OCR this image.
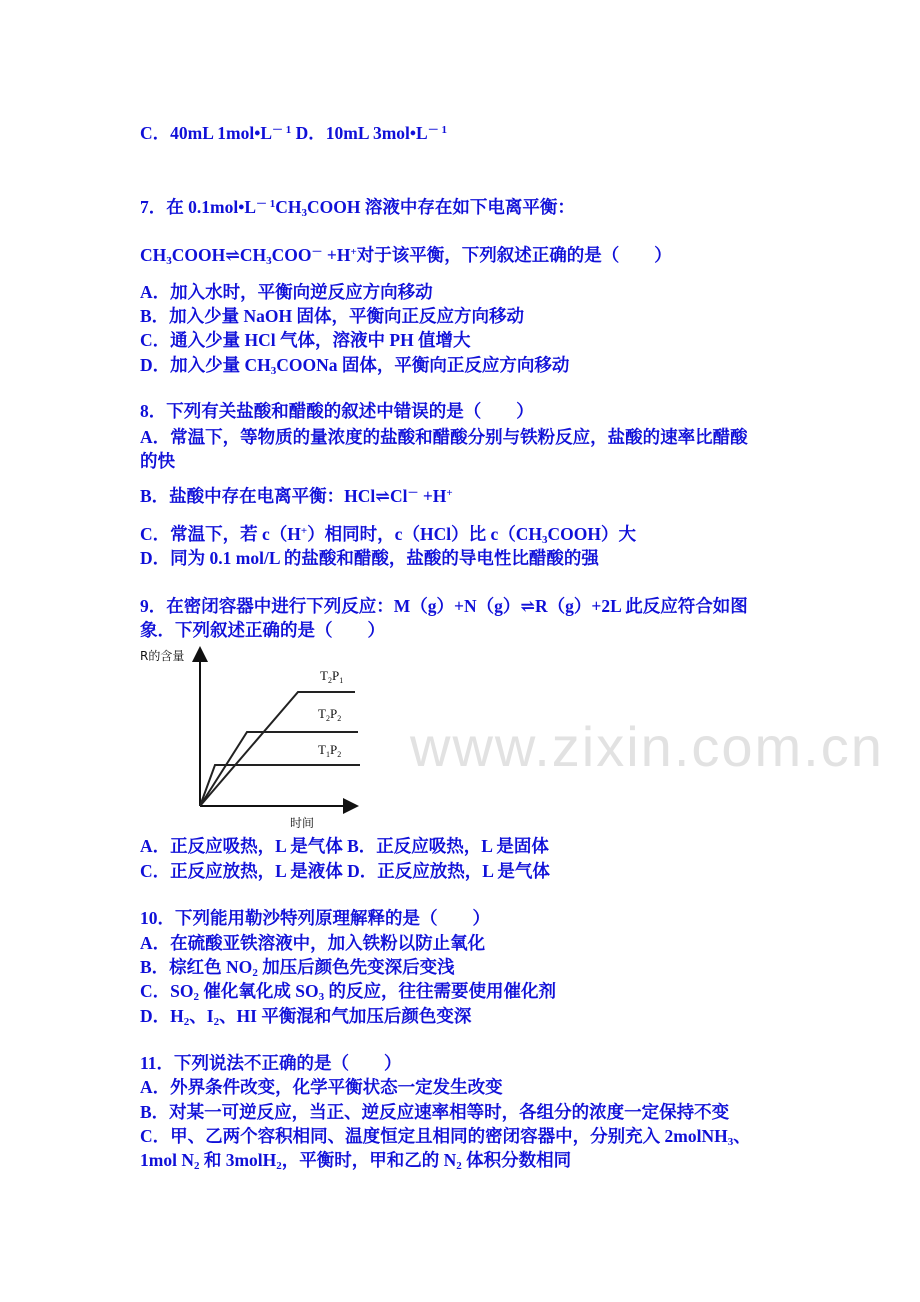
www.zixin.com.cn
C．40mL $1mol•L^{- 1}$ D．10mL $3mol•L^{- 1}$
7．在 $0.1mol•L^{- 1}CH_3COOH$ 溶液中存在如下电离平衡：
$CH_3COOH\rightleftharpoons CH_3COO^- +H^+$对于该平衡，下列叙述正确的是（　　）
A．加入水时，平衡向逆反应方向移动
B．加入少量 NaOH 固体，平衡向正反应方向移动
C．通入少量 HCl 气体，溶液中 PH 值增大
D．加入少量 $CH_3COONa$ 固体，平衡向正反应方向移动
8．下列有关盐酸和醋酸的叙述中错误的是（　　）
A．常温下，等物质的量浓度的盐酸和醋酸分别与铁粉反应，盐酸的速率比醋酸
的快
B．盐酸中存在电离平衡：HCl⇌Cl－ +H+
C．常温下，若 c（H+）相同时，c（HCl）比 $c(CH_3COOH)$大
D．同为 0.1 mol/L 的盐酸和醋酸，盐酸的导电性比醋酸的强
9．在密闭容器中进行下列反应：M（g）+N（g）⇌R（g）+2L 此反应符合如图
象．下列叙述正确的是（　　）
A．正反应吸热，L 是气体 B．正反应吸热，L 是固体
C．正反应放热，L 是液体 D．正反应放热，L 是气体
10．下列能用勒沙特列原理解释的是（　　）
A．在硫酸亚铁溶液中，加入铁粉以防止氧化
B．棕红色 $NO_2$ 加压后颜色先变深后变浅
C．$SO_2$ 催化氧化成 $SO_3$ 的反应，往往需要使用催化剂
D．$H_2$、$I_2$、HI 平衡混和气加压后颜色变深
11．下列说法不正确的是（　　）
A．外界条件改变，化学平衡状态一定发生改变
B．对某一可逆反应，当正、逆反应速率相等时，各组分的浓度一定保持不变
C．甲、乙两个容积相同、温度恒定且相同的密闭容器中，分别充入 2molNH$_3$、
1mol $N_2$ 和 3molH$_2$，平衡时，甲和乙的 $N_2$ 体积分数相同
R的含量
时间
$T_2P_1$
$T_2P_2$
$T_1P_2$
